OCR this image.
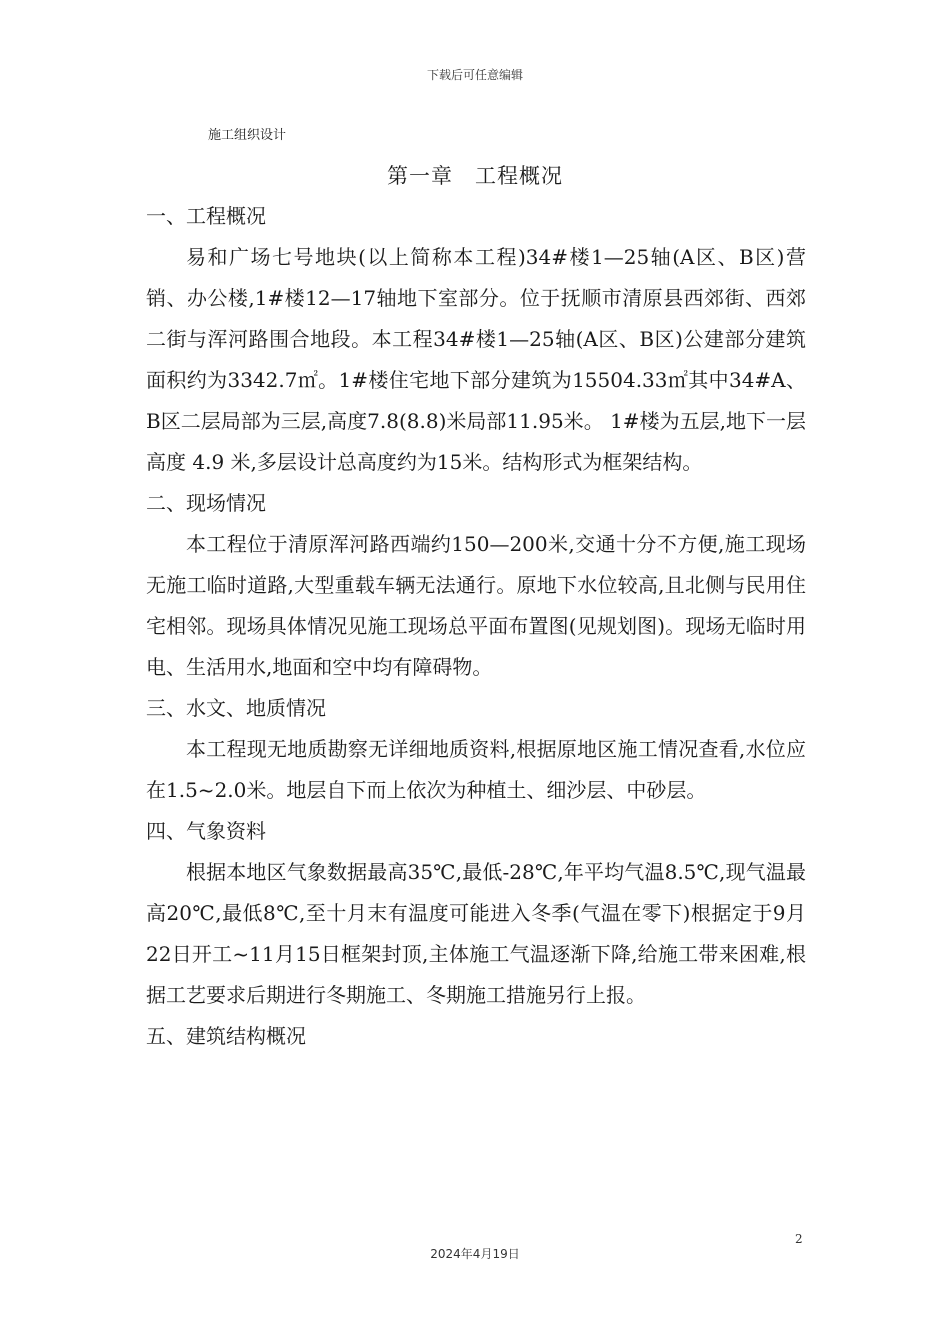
下载后可任意编辑
施工组织设计
第一章　工程概况
一、工程概况

易和广场七号地块(以上简称本工程)34#楼1—25轴(A区、B区)营销、办公楼,1#楼12—17轴地下室部分。位于抚顺市清原县西郊街、西郊二街与浑河路围合地段。本工程34#楼1—25轴(A区、B区)公建部分建筑面积约为3342.7㎡。1#楼住宅地下部分建筑为15504.33㎡其中34#A、B区二层局部为三层,高度7.8(8.8)米局部11.95米。 1#楼为五层,地下一层高度 4.9 米,多层设计总高度约为15米。结构形式为框架结构。

二、现场情况

本工程位于清原浑河路西端约150—200米,交通十分不方便,施工现场无施工临时道路,大型重载车辆无法通行。原地下水位较高,且北侧与民用住宅相邻。现场具体情况见施工现场总平面布置图(见规划图)。现场无临时用电、生活用水,地面和空中均有障碍物。

三、水文、地质情况

本工程现无地质勘察无详细地质资料,根据原地区施工情况查看,水位应在1.5~2.0米。地层自下而上依次为种植土、细沙层、中砂层。

四、气象资料

根据本地区气象数据最高35℃,最低-28℃,年平均气温8.5℃,现气温最高20℃,最低8℃,至十月末有温度可能进入冬季(气温在零下)根据定于9月22日开工~11月15日框架封顶,主体施工气温逐渐下降,给施工带来困难,根据工艺要求后期进行冬期施工、冬期施工措施另行上报。

五、建筑结构概况
2
2024年4月19日
